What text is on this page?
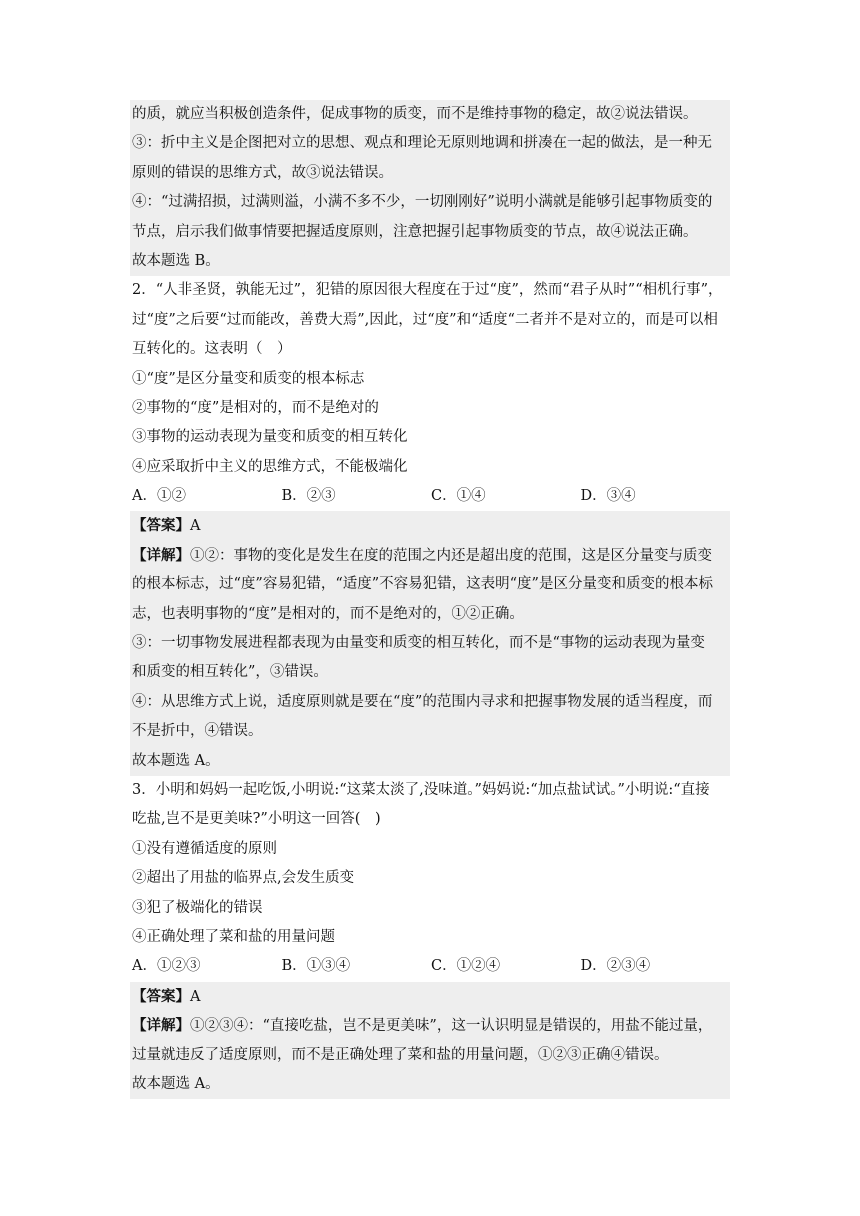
的质，就应当积极创造条件，促成事物的质变，而不是维持事物的稳定，故②说法错误。
③：折中主义是企图把对立的思想、观点和理论无原则地调和拼凑在一起的做法，是一种无
原则的错误的思维方式，故③说法错误。
④：“过满招损，过满则溢，小满不多不少，一切刚刚好”说明小满就是能够引起事物质变的
节点，启示我们做事情要把握适度原则，注意把握引起事物质变的节点，故④说法正确。
故本题选 B。
2．“人非圣贤，孰能无过”，犯错的原因很大程度在于过“度”，然而“君子从时”“相机行事”，
过“度”之后要“过而能改，善费大焉”,因此，过“度”和“适度“二者并不是对立的，而是可以相
互转化的。这表明（　）
①“度”是区分量变和质变的根本标志
②事物的“度”是相对的，而不是绝对的
③事物的运动表现为量变和质变的相互转化
④应采取折中主义的思维方式，不能极端化
A．①②	B．②③	C．①④	D．③④
【答案】A
【详解】①②：事物的变化是发生在度的范围之内还是超出度的范围，这是区分量变与质变
的根本标志，过“度”容易犯错，“适度”不容易犯错，这表明“度”是区分量变和质变的根本标
志，也表明事物的“度”是相对的，而不是绝对的，①②正确。
③：一切事物发展进程都表现为由量变和质变的相互转化，而不是“事物的运动表现为量变
和质变的相互转化”，③错误。
④：从思维方式上说，适度原则就是要在“度”的范围内寻求和把握事物发展的适当程度，而
不是折中，④错误。
故本题选 A。
3．小明和妈妈一起吃饭,小明说:“这菜太淡了,没味道。”妈妈说:“加点盐试试。”小明说:“直接
吃盐,岂不是更美味?”小明这一回答(　)
①没有遵循适度的原则
②超出了用盐的临界点,会发生质变
③犯了极端化的错误
④正确处理了菜和盐的用量问题
A．①②③	B．①③④	C．①②④	D．②③④
【答案】A
【详解】①②③④：“直接吃盐，岂不是更美味”，这一认识明显是错误的，用盐不能过量，
过量就违反了适度原则，而不是正确处理了菜和盐的用量问题，①②③正确④错误。
故本题选 A。
